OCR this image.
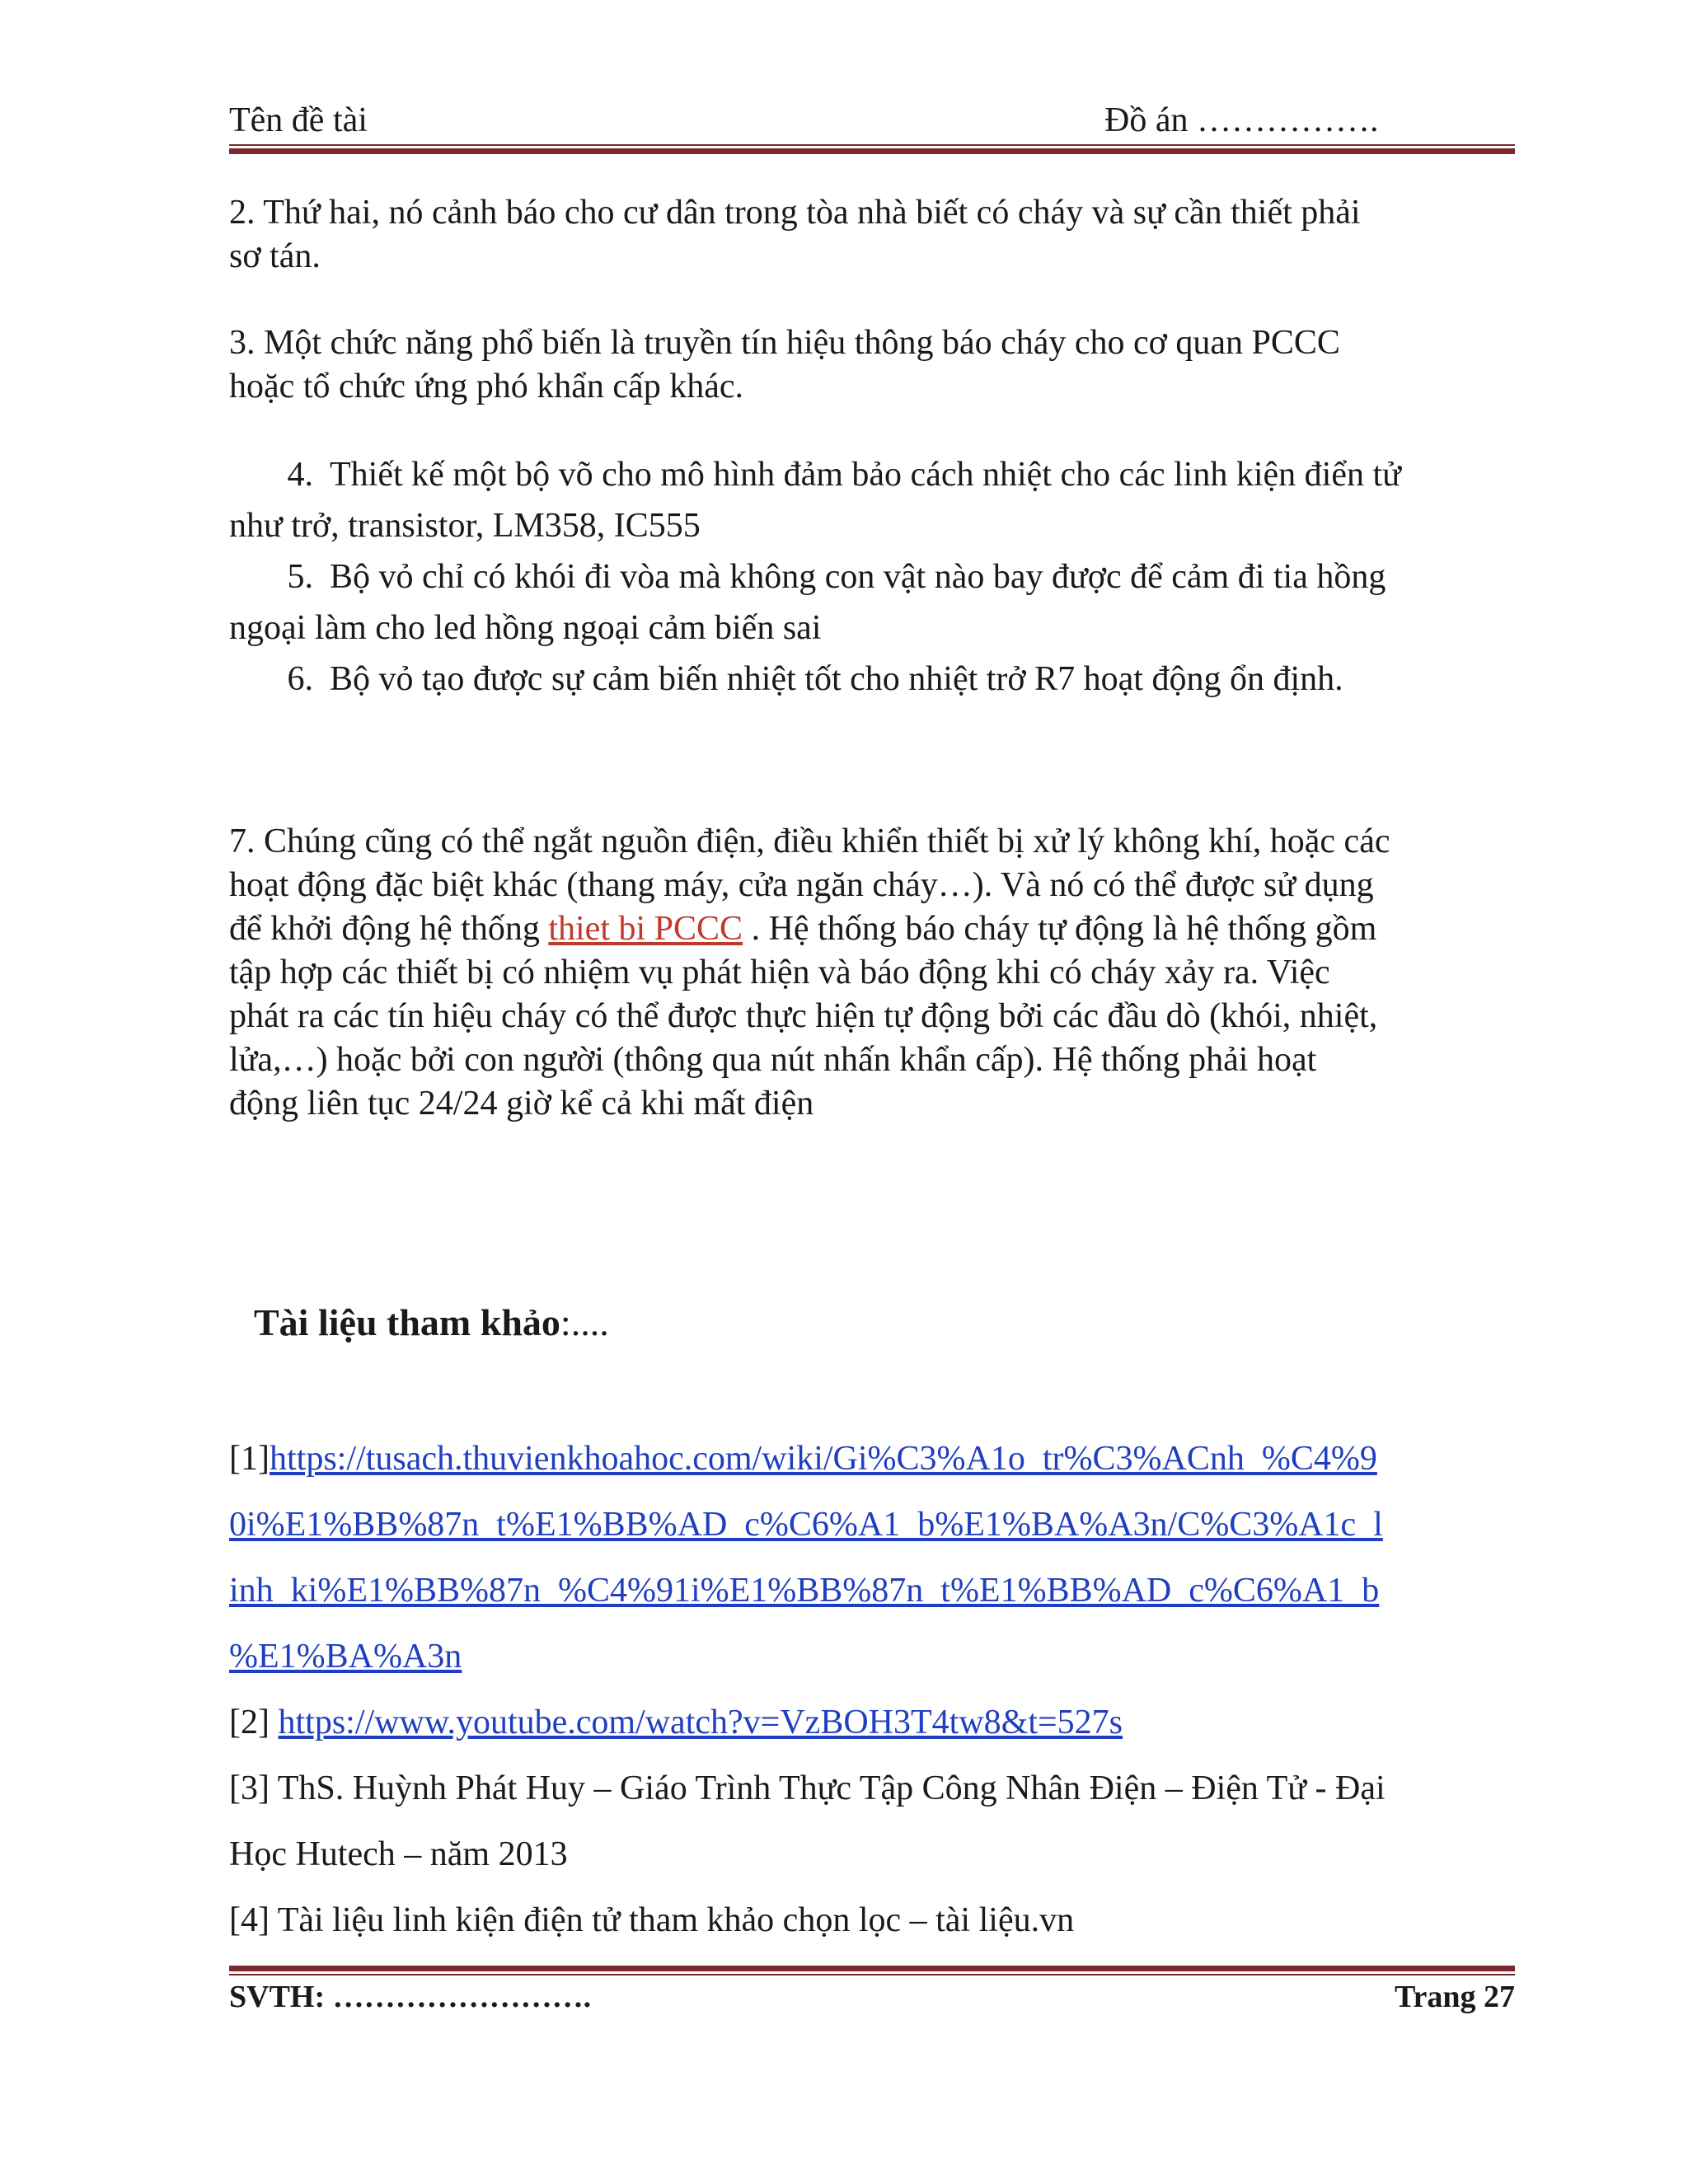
Tên đề tài	Đồ án …………….

2. Thứ hai, nó cảnh báo cho cư dân trong tòa nhà biết có cháy và sự cần thiết phải

sơ tán.

3. Một chức năng phổ biến là truyền tín hiệu thông báo cháy cho cơ quan PCCC

hoặc tổ chức ứng phó khẩn cấp khác.

4. Thiết kế một bộ võ cho mô hình đảm bảo cách nhiệt cho các linh kiện điển tử
như trở, transistor, LM358, IC555
5. Bộ vỏ chỉ có khói đi vòa mà không con vật nào bay được để cảm đi tia hồng
ngoại làm cho led hồng ngoại cảm biến sai
6. Bộ vỏ tạo được sự cảm biến nhiệt tốt cho nhiệt trở R7 hoạt động ổn định.

7. Chúng cũng có thể ngắt nguồn điện, điều khiển thiết bị xử lý không khí, hoặc các

hoạt động đặc biệt khác (thang máy, cửa ngăn cháy…). Và nó có thể được sử dụng

để khởi động hệ thống thiet bi PCCC . Hệ thống báo cháy tự động là hệ thống gồm

tập hợp các thiết bị có nhiệm vụ phát hiện và báo động khi có cháy xảy ra. Việc

phát ra các tín hiệu cháy có thể được thực hiện tự động bởi các đầu dò (khói, nhiệt,

lửa,…) hoặc bởi con người (thông qua nút nhấn khẩn cấp). Hệ thống phải hoạt

động liên tục 24/24 giờ kể cả khi mất điện

Tài liệu tham khảo:....
[1]https://tusach.thuvienkhoahoc.com/wiki/Gi%C3%A1o_tr%C3%ACnh_%C4%9
0i%E1%BB%87n_t%E1%BB%AD_c%C6%A1_b%E1%BA%A3n/C%C3%A1c_l
inh_ki%E1%BB%87n_%C4%91i%E1%BB%87n_t%E1%BB%AD_c%C6%A1_b
%E1%BA%A3n
[2] https://www.youtube.com/watch?v=VzBOH3T4tw8&t=527s
[3] ThS. Huỳnh Phát Huy – Giáo Trình Thực Tập Công Nhân Điện – Điện Tử - Đại
Học Hutech – năm 2013
[4] Tài liệu linh kiện điện tử tham khảo chọn lọc – tài liệu.vn
SVTH: …………………….	Trang 27
